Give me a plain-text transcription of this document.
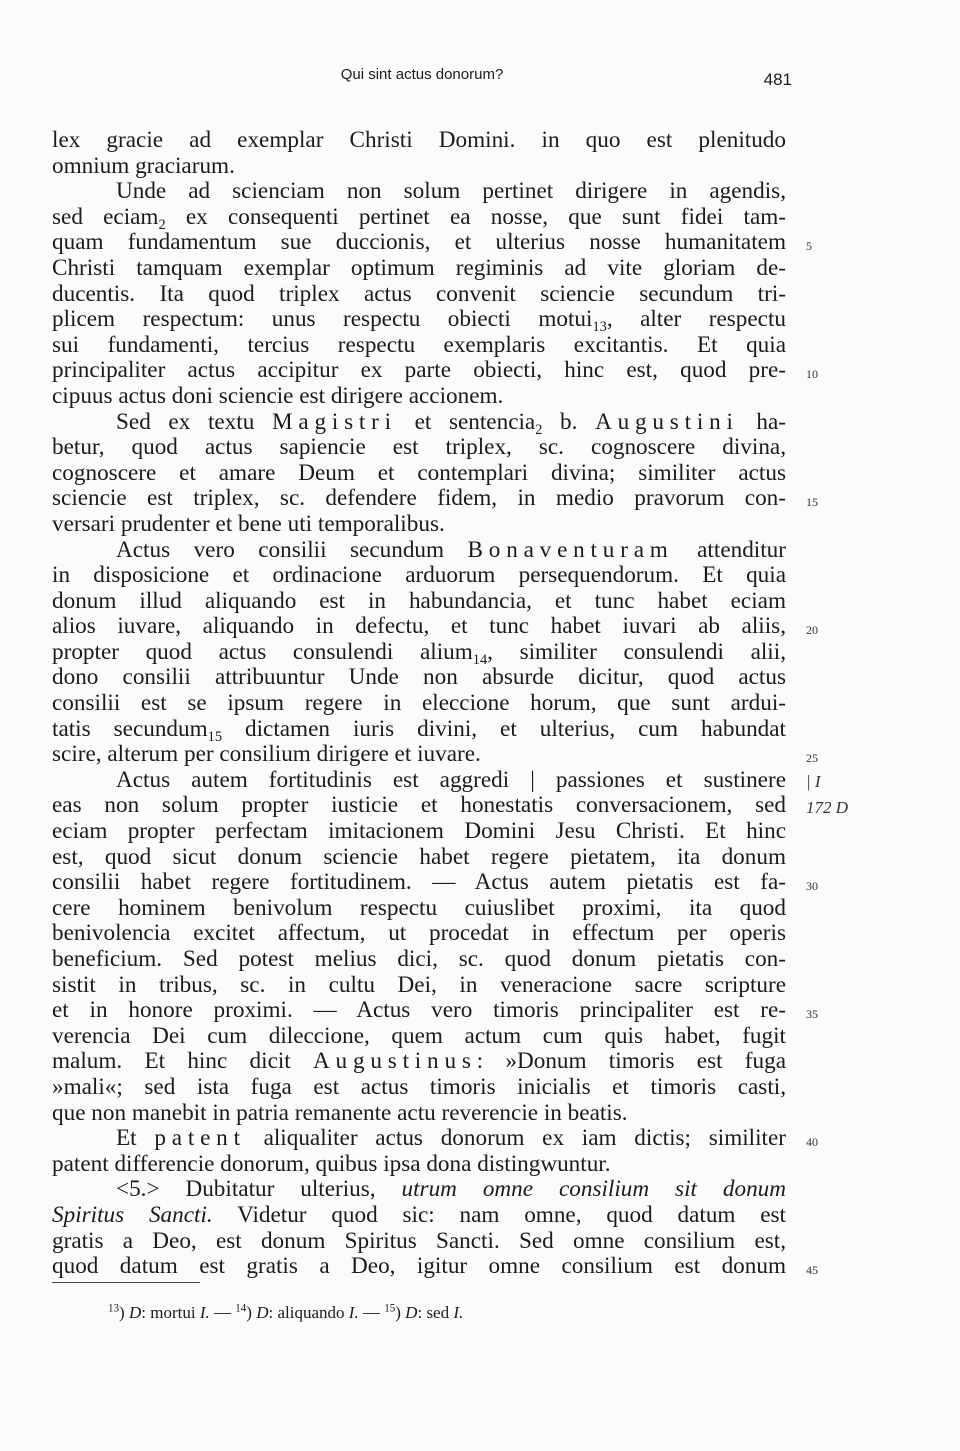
Qui sint actus donorum?	481
lex gracie ad exemplar Christi Domini. in quo est plenitudo
omnium graciarum.
Unde ad scienciam non solum pertinet dirigere in agendis,
sed eciam$_2$ ex consequenti pertinet ea nosse, que sunt fidei tam-
quam fundamentum sue duccionis, et ulterius nosse humanitatem
Christi tamquam exemplar optimum regiminis ad vite gloriam de-
ducentis. Ita quod triplex actus convenit sciencie secundum tri-
plicem respectum: unus respectu obiecti motui$_{13}$, alter respectu
sui fundamenti, tercius respectu exemplaris excitantis. Et quia
principaliter actus accipitur ex parte obiecti, hinc est, quod pre-
cipuus actus doni sciencie est dirigere accionem.
Sed ex textu Magistri et sentencia$_2$ b. Augustini ha-
betur, quod actus sapiencie est triplex, sc. cognoscere divina,
cognoscere et amare Deum et contemplari divina; similiter actus
sciencie est triplex, sc. defendere fidem, in medio pravorum con-
versari prudenter et bene uti temporalibus.
Actus vero consilii secundum Bonaventuram attenditur
in disposicione et ordinacione arduorum persequendorum. Et quia
donum illud aliquando est in habundancia, et tunc habet eciam
alios iuvare, aliquando in defectu, et tunc habet iuvari ab aliis,
propter quod actus consulendi alium$_{14}$, similiter consulendi alii,
dono consilii attribuuntur Unde non absurde dicitur, quod actus
consilii est se ipsum regere in eleccione horum, que sunt ardui-
tatis secundum$_{15}$ dictamen iuris divini, et ulterius, cum habundat
scire, alterum per consilium dirigere et iuvare.
Actus autem fortitudinis est aggredi | passiones et sustinere
eas non solum propter iusticie et honestatis conversacionem, sed
eciam propter perfectam imitacionem Domini Jesu Christi. Et hinc
est, quod sicut donum sciencie habet regere pietatem, ita donum
consilii habet regere fortitudinem. — Actus autem pietatis est fa-
cere hominem benivolum respectu cuiuslibet proximi, ita quod
benivolencia excitet affectum, ut procedat in effectum per operis
beneficium. Sed potest melius dici, sc. quod donum pietatis con-
sistit in tribus, sc. in cultu Dei, in veneracione sacre scripture
et in honore proximi. — Actus vero timoris principaliter est re-
verencia Dei cum dileccione, quem actum cum quis habet, fugit
malum. Et hinc dicit Augustinus: »Donum timoris est fuga
»mali«; sed ista fuga est actus timoris inicialis et timoris casti,
que non manebit in patria remanente actu reverencie in beatis.
Et patent aliqualiter actus donorum ex iam dictis; similiter
patent differencie donorum, quibus ipsa dona distingwuntur.
<5.> Dubitatur ulterius, utrum omne consilium sit donum
Spiritus Sancti. Videtur quod sic: nam omne, quod datum est
gratis a Deo, est donum Spiritus Sancti. Sed omne consilium est,
quod datum est gratis a Deo, igitur omne consilium est donum
5
10
15
20
25
| I
172 D
30
35
40
45
$^{13}$) D: mortui I. — $^{14}$) D: aliquando I. — $^{15}$) D: sed I.
